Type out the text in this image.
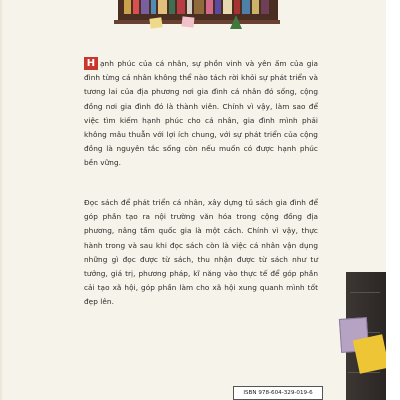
H ạnh phúc của cá nhân, sự phồn vinh và yên ấm của gia đình từng cá nhân không thể nào tách rời khỏi sự phát triển và tương lai của địa phương nơi gia đình cá nhân đó sống, cộng đồng nơi gia đình đó là thành viên. Chính vì vậy, làm sao để việc tìm kiếm hạnh phúc cho cá nhân, gia đình mình phải không mâu thuẫn với lợi ích chung, với sự phát triển của cộng đồng là nguyên tắc sống còn nếu muốn có được hạnh phúc bền vững.
Đọc sách để phát triển cá nhân, xây dựng tủ sách gia đình để góp phần tạo ra nội trường văn hóa trong cộng đồng địa phương, nâng tầm quốc gia là một cách. Chính vì vậy, thực hành trong và sau khi đọc sách còn là việc cá nhân vận dụng những gì đọc được từ sách, thu nhận được từ sách như tư tưởng, giá trị, phương pháp, kĩ năng vào thực tế để góp phần cải tạo xã hội, góp phần làm cho xã hội xung quanh mình tốt đẹp lên.
ISBN 978-604-329-019-6
